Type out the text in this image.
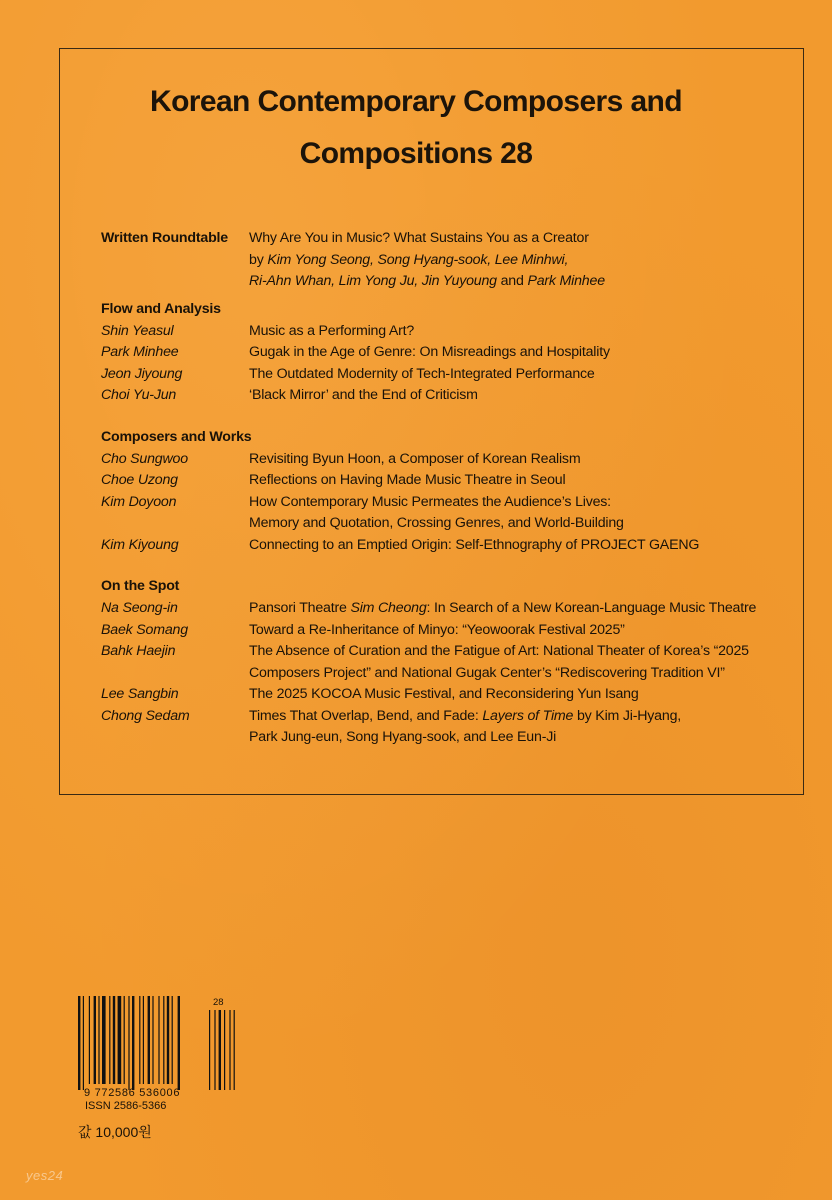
Korean Contemporary Composers and
Compositions 28
Written Roundtable	Why Are You in Music? What Sustains You as a Creator
by Kim Yong Seong, Song Hyang-sook, Lee Minhwi,
Ri-Ahn Whan, Lim Yong Ju, Jin Yuyoung and Park Minhee
Flow and Analysis
Shin Yeasul	Music as a Performing Art?
Park Minhee	Gugak in the Age of Genre: On Misreadings and Hospitality
Jeon Jiyoung	The Outdated Modernity of Tech-Integrated Performance
Choi Yu-Jun	‘Black Mirror’ and the End of Criticism
Composers and Works
Cho Sungwoo	Revisiting Byun Hoon, a Composer of Korean Realism
Choe Uzong	Reflections on Having Made Music Theatre in Seoul
Kim Doyoon	How Contemporary Music Permeates the Audience’s Lives:
Memory and Quotation, Crossing Genres, and World-Building
Kim Kiyoung	Connecting to an Emptied Origin: Self-Ethnography of PROJECT GAENG
On the Spot
Na Seong-in	Pansori Theatre Sim Cheong: In Search of a New Korean-Language Music Theatre
Baek Somang	Toward a Re-Inheritance of Minyo: “Yeowoorak Festival 2025”
Bahk Haejin	The Absence of Curation and the Fatigue of Art: National Theater of Korea’s “2025
Composers Project” and National Gugak Center’s “Rediscovering Tradition VI”
Lee Sangbin	The 2025 KOCOA Music Festival, and Reconsidering Yun Isang
Chong Sedam	Times That Overlap, Bend, and Fade: Layers of Time by Kim Ji-Hyang,
Park Jung-eun, Song Hyang-sook, and Lee Eun-Ji
28
9 772586 536006
ISSN 2586-5366
값 10,000원
yes24
